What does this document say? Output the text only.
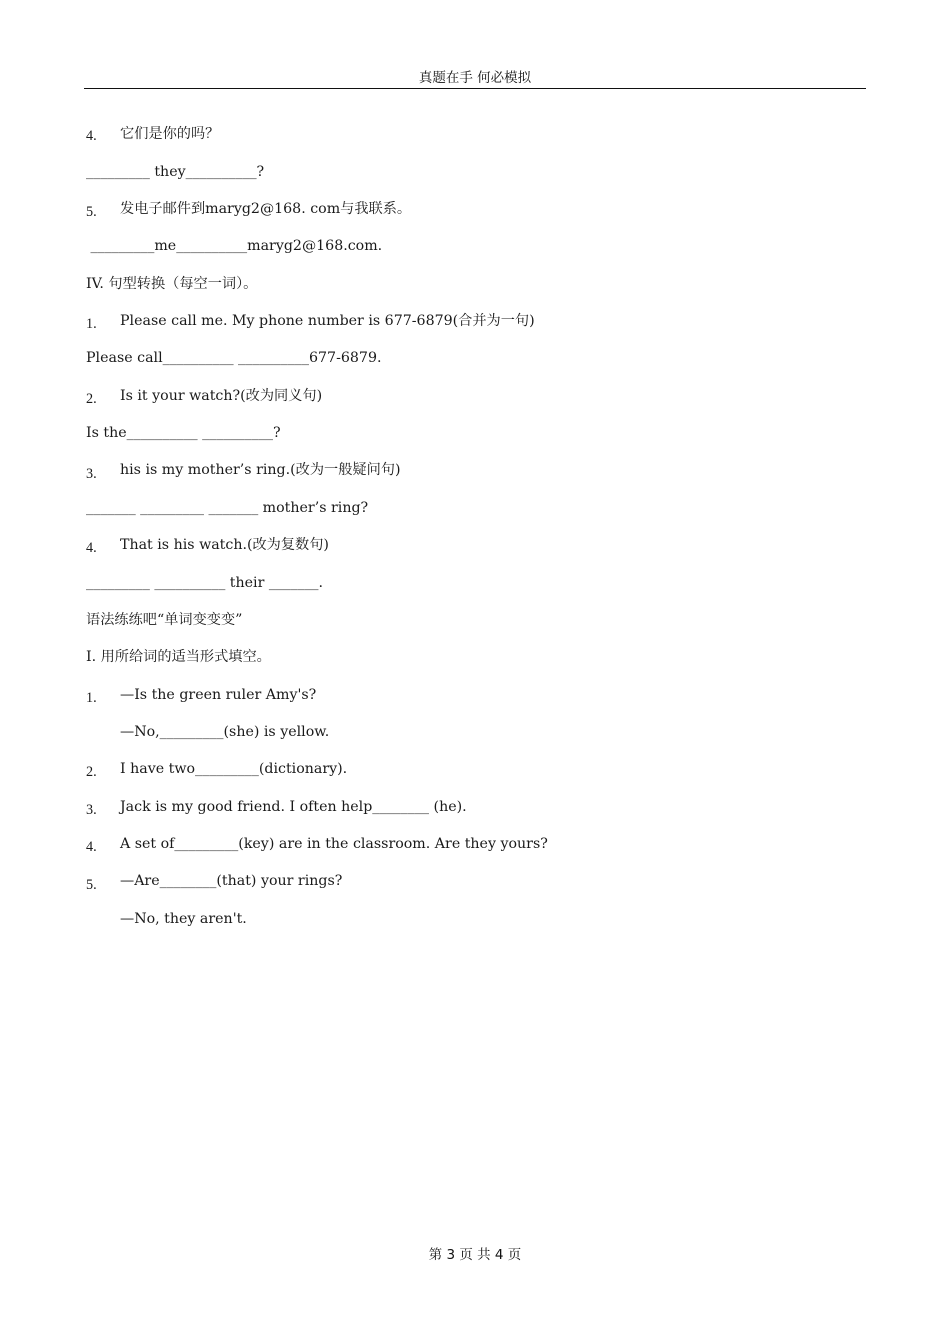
真题在手 何必模拟
4. 它们是你的吗？
_________ they__________?
5. 发电子邮件到maryg2@168. com与我联系。
_________me__________maryg2@168.com.
IV. 句型转换（每空一词）。
1. Please call me. My phone number is 677-6879(合并为一句)
Please call__________ __________677-6879.
2. Is it your watch?(改为同义句)
Is the__________ __________?
3. his is my mother’s ring.(改为一般疑问句)
_______ _________ _______ mother’s ring?
4. That is his watch.(改为复数句)
_________ __________ their _______.
语法练练吧“单词变变变”
I. 用所给词的适当形式填空。
1. —Is the green ruler Amy's?
—No,_________(she) is yellow.
2. I have two_________(dictionary).
3. Jack is my good friend. I often help________ (he).
4. A set of_________(key) are in the classroom. Are they yours?
5. —Are________(that) your rings?
—No, they aren't.
第 3 页 共 4 页
